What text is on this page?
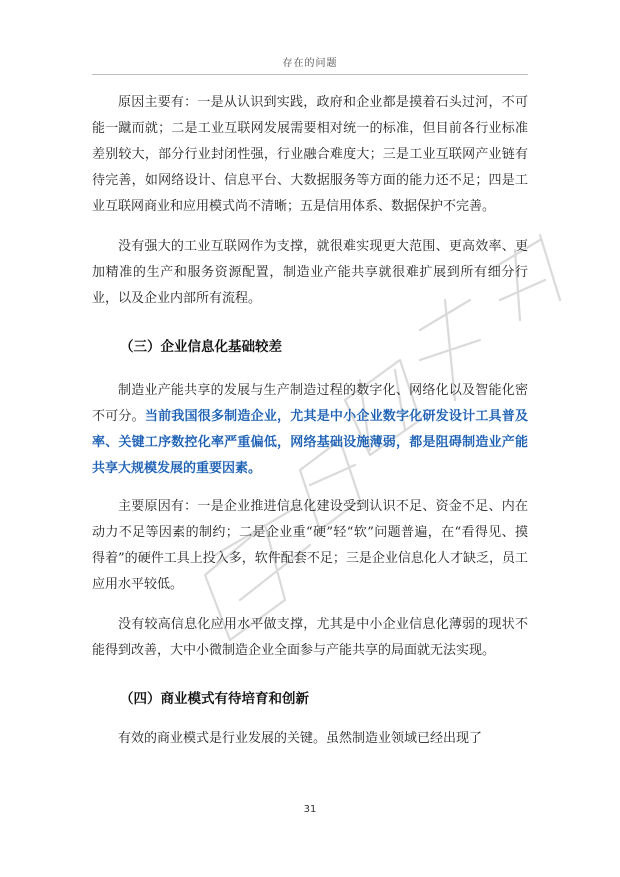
存在的问题

原因主要有：一是从认识到实践，政府和企业都是摸着石头过河，不可能一蹴而就；二是工业互联网发展需要相对统一的标准，但目前各行业标准差别较大，部分行业封闭性强，行业融合难度大；三是工业互联网产业链有待完善，如网络设计、信息平台、大数据服务等方面的能力还不足；四是工业互联网商业和应用模式尚不清晰；五是信用体系、数据保护不完善。

没有强大的工业互联网作为支撑，就很难实现更大范围、更高效率、更加精准的生产和服务资源配置，制造业产能共享就很难扩展到所有细分行业，以及企业内部所有流程。

（三）企业信息化基础较差

制造业产能共享的发展与生产制造过程的数字化、网络化以及智能化密不可分。当前我国很多制造企业，尤其是中小企业数字化研发设计工具普及率、关键工序数控化率严重偏低，网络基础设施薄弱，都是阻碍制造业产能共享大规模发展的重要因素。

主要原因有：一是企业推进信息化建设受到认识不足、资金不足、内在动力不足等因素的制约；二是企业重“硬”轻“软”问题普遍，在“看得见、摸得着”的硬件工具上投入多，软件配套不足；三是企业信息化人才缺乏，员工应用水平较低。

没有较高信息化应用水平做支撑，尤其是中小企业信息化薄弱的现状不能得到改善，大中小微制造企业全面参与产能共享的局面就无法实现。

（四）商业模式有待培育和创新

有效的商业模式是行业发展的关键。虽然制造业领域已经出现了

31
